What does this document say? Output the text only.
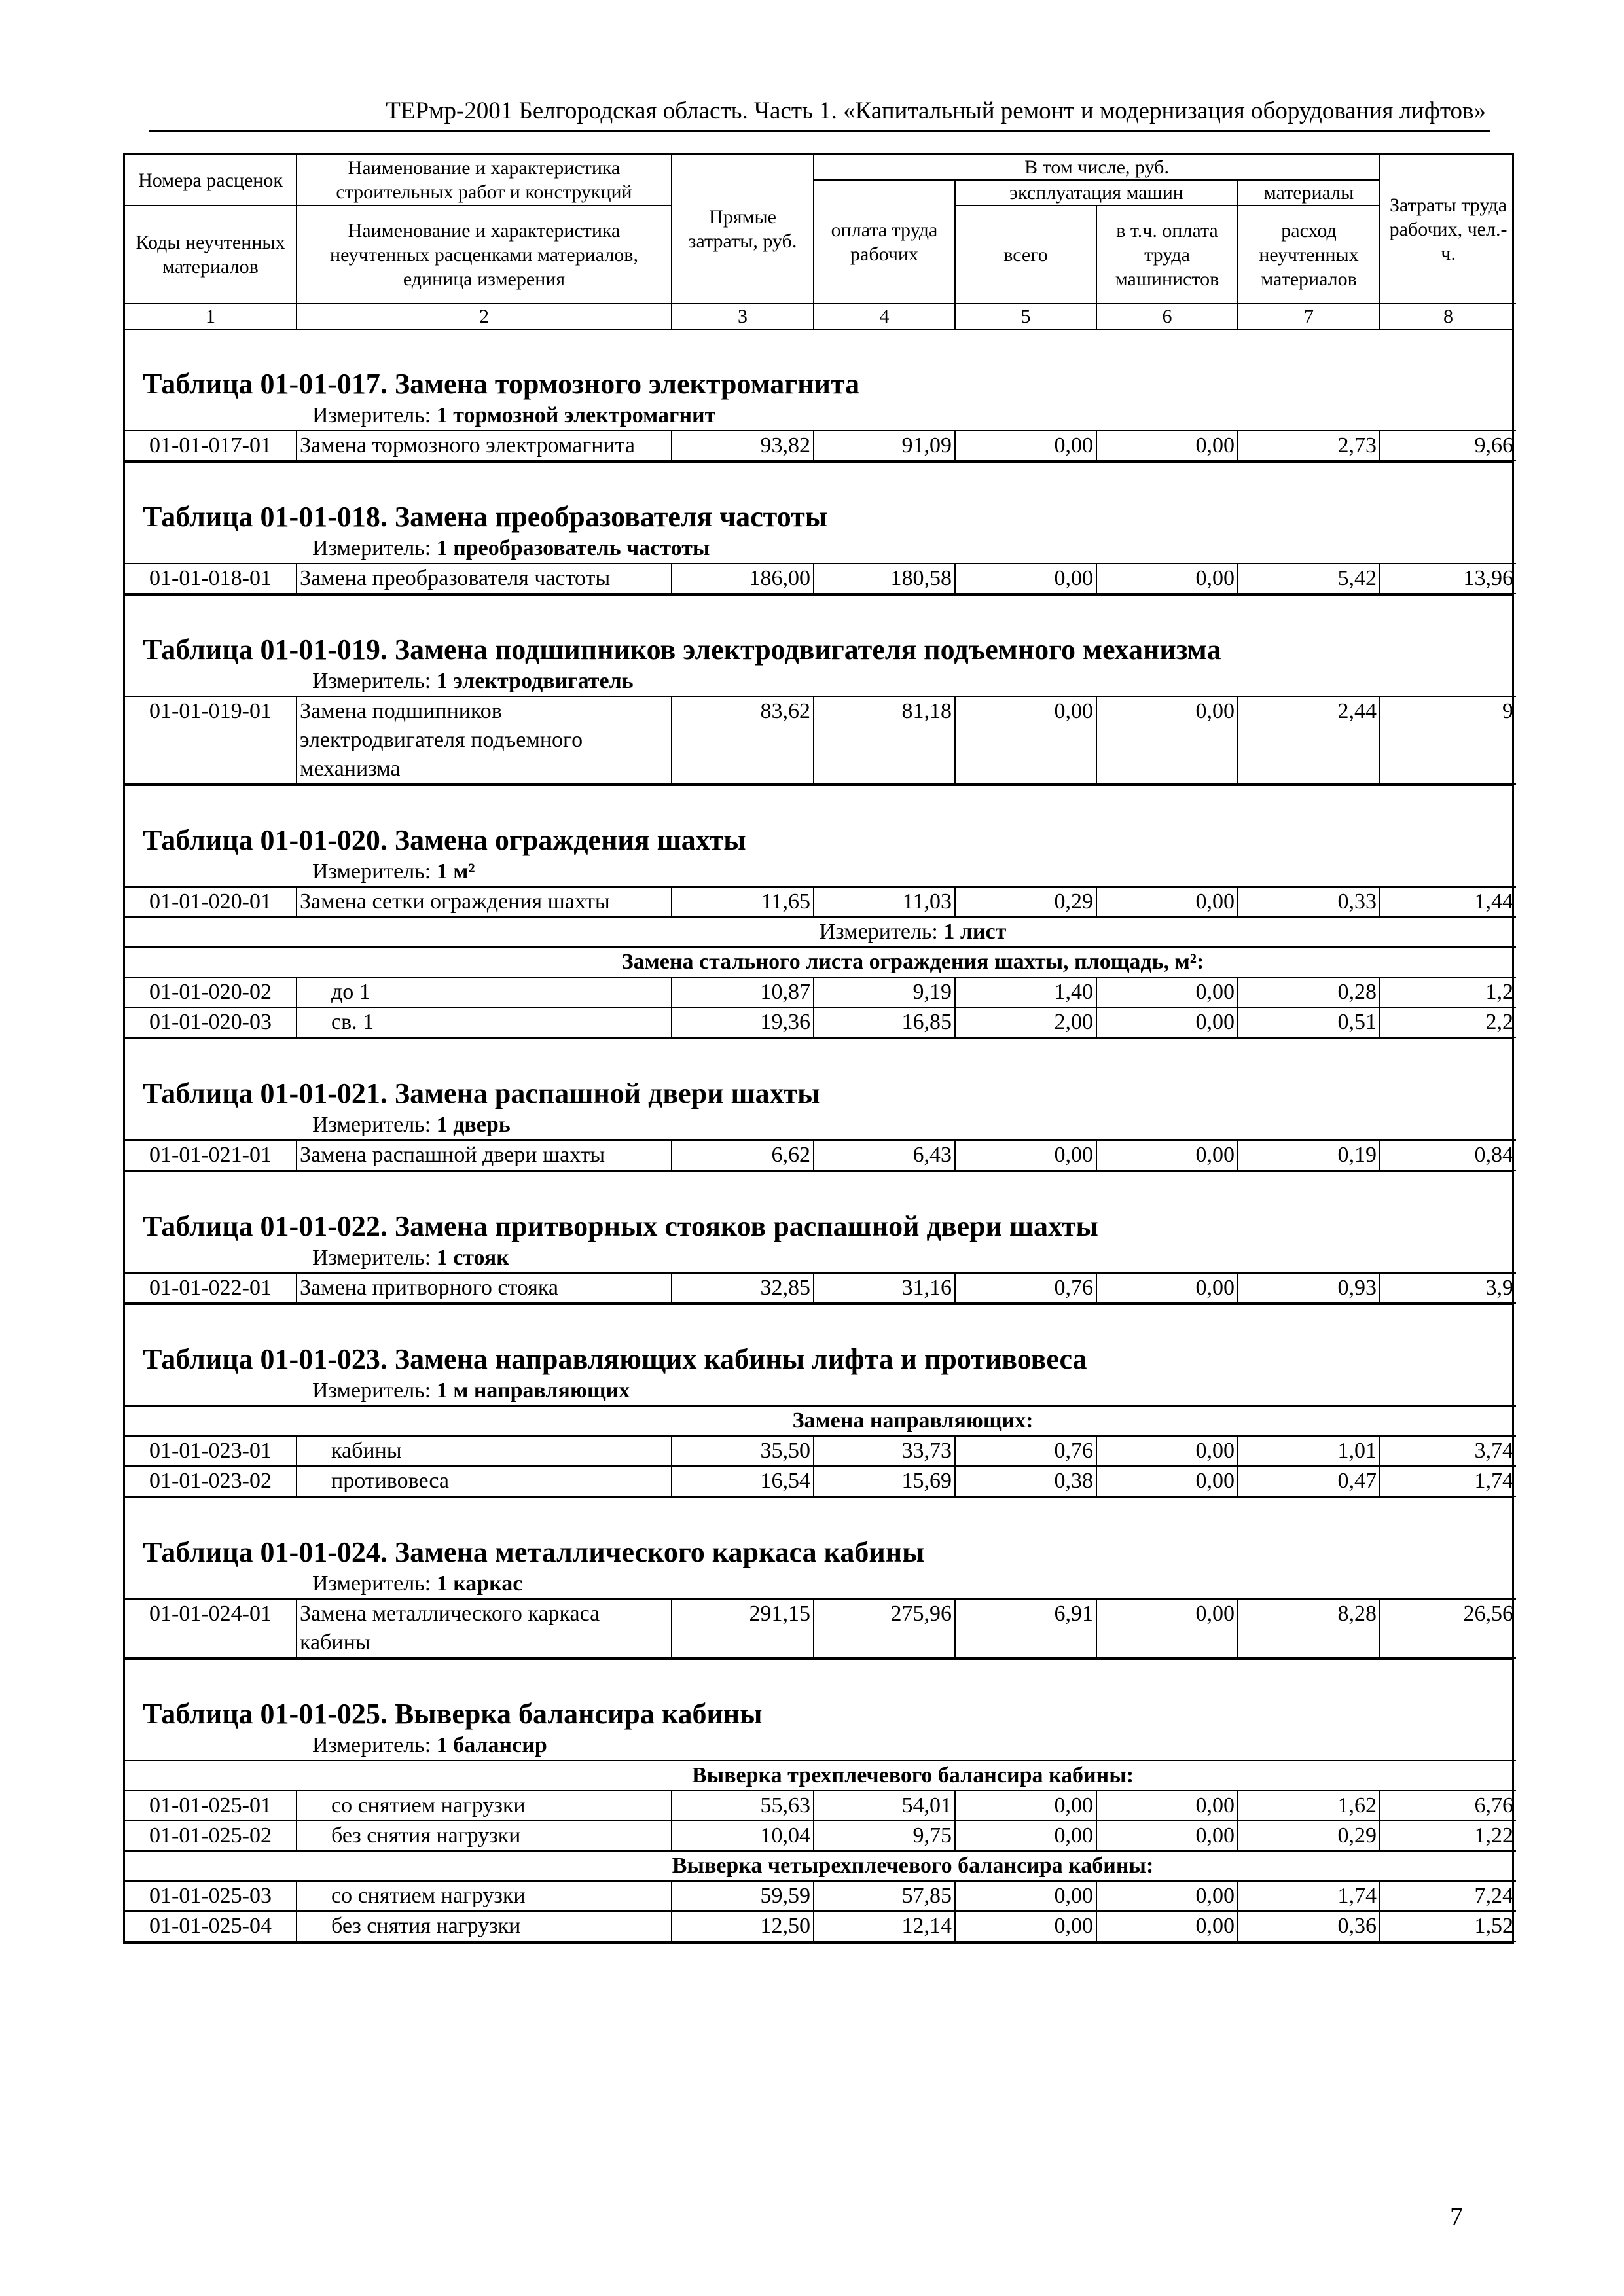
ТЕРмр-2001 Белгородская область. Часть 1. «Капитальный ремонт и модернизация оборудования лифтов»
Номера расценок	Наименование и характеристика строительных работ и конструкций	Прямые затраты, руб.	В том числе, руб.				Затраты труда рабочих, чел.-ч.
			оплата труда рабочих	эксплуатация машин		материалы	
Коды неучтенных материалов	Наименование и характеристика неучтенных расценками материалов, единица измерения			всего	в т.ч. оплата труда машинистов	расход неучтенных материалов	

1	2	3	4	5	6	7	8
Таблица 01-01-017. Замена тормозного электромагнита
Измеритель: 1 тормозной электромагнит
01-01-017-01	Замена тормозного электромагнита	93,82	91,09	0,00	0,00	2,73	9,66
Таблица 01-01-018. Замена преобразователя частоты
Измеритель: 1 преобразователь частоты
01-01-018-01	Замена преобразователя частоты	186,00	180,58	0,00	0,00	5,42	13,96
Таблица 01-01-019. Замена подшипников электродвигателя подъемного механизма
Измеритель: 1 электродвигатель
01-01-019-01	Замена подшипников электродвигателя подъемного механизма	83,62	81,18	0,00	0,00	2,44	9
Таблица 01-01-020. Замена ограждения шахты
Измеритель: 1 м²
01-01-020-01	Замена сетки ограждения шахты	11,65	11,03	0,29	0,00	0,33	1,44
Измеритель: 1 лист							
Замена стального листа ограждения шахты, площадь, м²:							
01-01-020-02	до 1	10,87	9,19	1,40	0,00	0,28	1,2
01-01-020-03	св. 1	19,36	16,85	2,00	0,00	0,51	2,2
Таблица 01-01-021. Замена распашной двери шахты
Измеритель: 1 дверь
01-01-021-01	Замена распашной двери шахты	6,62	6,43	0,00	0,00	0,19	0,84
Таблица 01-01-022. Замена притворных стояков распашной двери шахты
Измеритель: 1 стояк
01-01-022-01	Замена притворного стояка	32,85	31,16	0,76	0,00	0,93	3,9
Таблица 01-01-023. Замена направляющих кабины лифта и противовеса
Измеритель: 1 м направляющих
Замена направляющих:							
01-01-023-01	кабины	35,50	33,73	0,76	0,00	1,01	3,74
01-01-023-02	противовеса	16,54	15,69	0,38	0,00	0,47	1,74
Таблица 01-01-024. Замена металлического каркаса кабины
Измеритель: 1 каркас
01-01-024-01	Замена металлического каркаса кабины	291,15	275,96	6,91	0,00	8,28	26,56
Таблица 01-01-025. Выверка балансира кабины
Измеритель: 1 балансир
Выверка трехплечевого балансира кабины:							
01-01-025-01	со снятием нагрузки	55,63	54,01	0,00	0,00	1,62	6,76
01-01-025-02	без снятия нагрузки	10,04	9,75	0,00	0,00	0,29	1,22
Выверка четырехплечевого балансира кабины:							
01-01-025-03	со снятием нагрузки	59,59	57,85	0,00	0,00	1,74	7,24
01-01-025-04	без снятия нагрузки	12,50	12,14	0,00	0,00	0,36	1,52
7
